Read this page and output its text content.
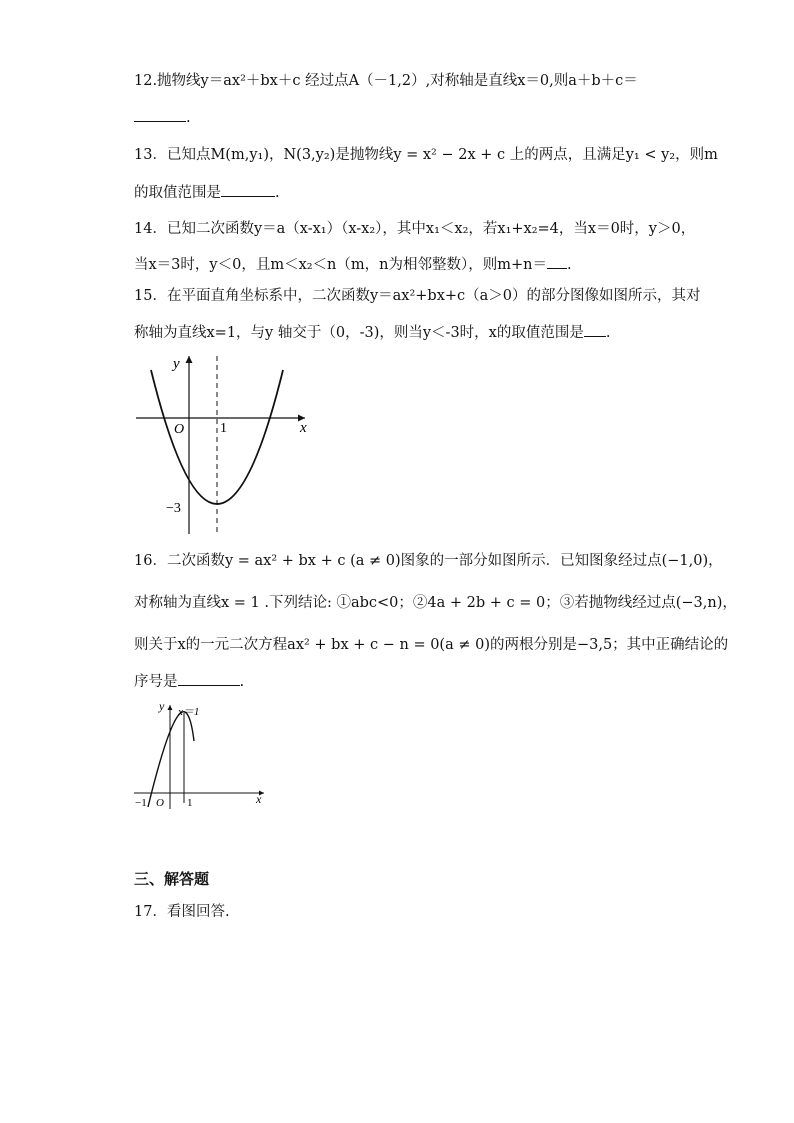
12.抛物线y＝ax²＋bx＋c 经过点A（－1,2）,对称轴是直线x＝0,则a＋b＋c＝
.
13．已知点M(m,y₁)，N(3,y₂)是抛物线y = x² − 2x + c 上的两点，且满足y₁ < y₂，则m
的取值范围是	.
14．已知二次函数y＝a（x-x₁）（x-x₂），其中x₁＜x₂，若x₁+x₂=4，当x＝0时，y＞0，
当x＝3时，y＜0，且m＜x₂＜n（m，n为相邻整数），则m+n＝ .
15．在平面直角坐标系中，二次函数y＝ax²+bx+c（a＞0）的部分图像如图所示，其对
称轴为直线x=1，与y 轴交于（0，-3)，则当y＜-3时，x的取值范围是 .
y
x
O	1
−3
16．二次函数y = ax² + bx + c (a ≠ 0)图象的一部分如图所示．已知图象经过点(−1,0)，
对称轴为直线x = 1 .下列结论: ①abc<0；②4a + 2b + c = 0；③若抛物线经过点(−3,n)，
则关于x的一元二次方程ax² + bx + c − n = 0(a ≠ 0)的两根分别是−3,5；其中正确结论的
序号是	.
y
x
O 1
−1
x＝1
三、解答题
17．看图回答.
